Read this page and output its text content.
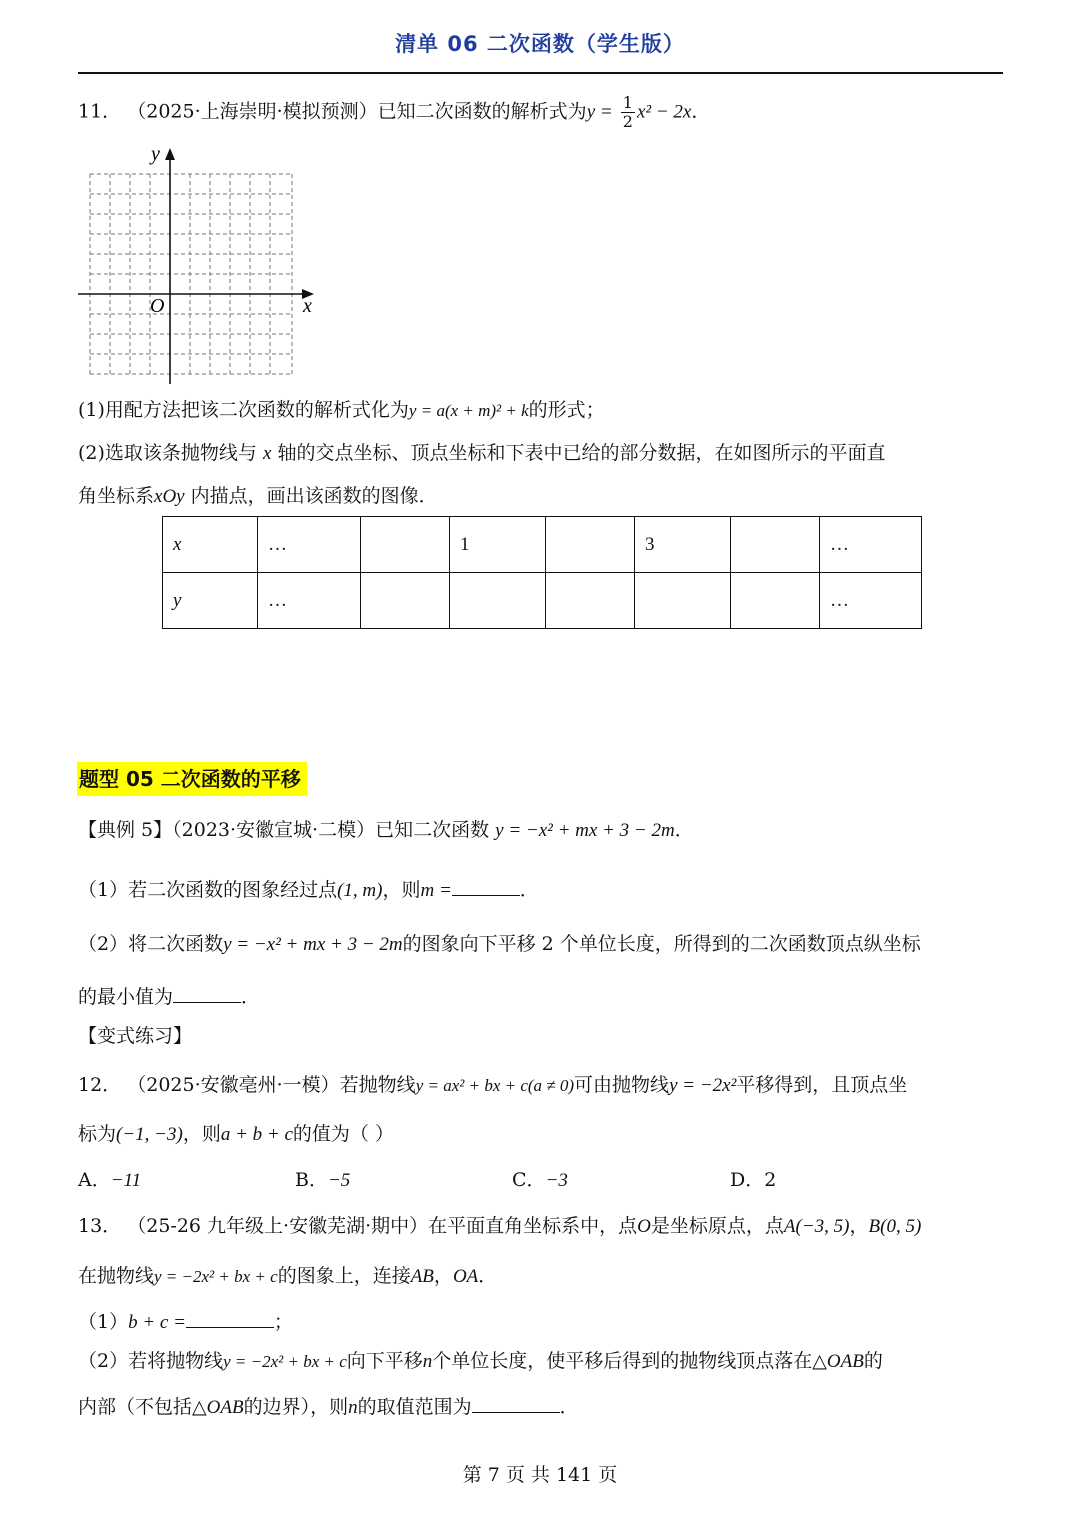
清单 06 二次函数（学生版）
11． （2025·上海崇明·模拟预测）已知二次函数的解析式为$y = \frac{1}{2} x^2 - 2x$．
y
x
O
(1)用配方法把该二次函数的解析式化为y = a(x + m)² + k的形式；
(2)选取该条抛物线与 x 轴的交点坐标、顶点坐标和下表中已给的部分数据，在如图所示的平面直
角坐标系xOy 内描点，画出该函数的图像．
x	…		1		3		…
y	…						…
题型 05 二次函数的平移
【典例 5】（2023·安徽宣城·二模）已知二次函数 y = −x² + mx + 3 − 2m．
（1）若二次函数的图象经过点(1, m)，则m =	．
（2）将二次函数y = −x² + mx + 3 − 2m的图象向下平移 2 个单位长度，所得到的二次函数顶点纵坐标
的最小值为	．
【变式练习】
12． （2025·安徽亳州·一模）若抛物线y = ax² + bx + c(a ≠ 0)可由抛物线y = −2x²平移得到，且顶点坐
标为(−1, −3)，则a + b + c的值为（ ）
A．−11	B．−5	C．−3	D．2
13． （25-26 九年级上·安徽芜湖·期中）在平面直角坐标系中，点O是坐标原点，点A(−3, 5)，B(0, 5)
在抛物线y = −2x² + bx + c的图象上，连接AB，OA．
（1）b + c =	；
（2）若将抛物线y = −2x² + bx + c向下平移n个单位长度，使平移后得到的抛物线顶点落在△OAB的
内部（不包括△OAB的边界），则n的取值范围为	．
第 7 页 共 141 页
